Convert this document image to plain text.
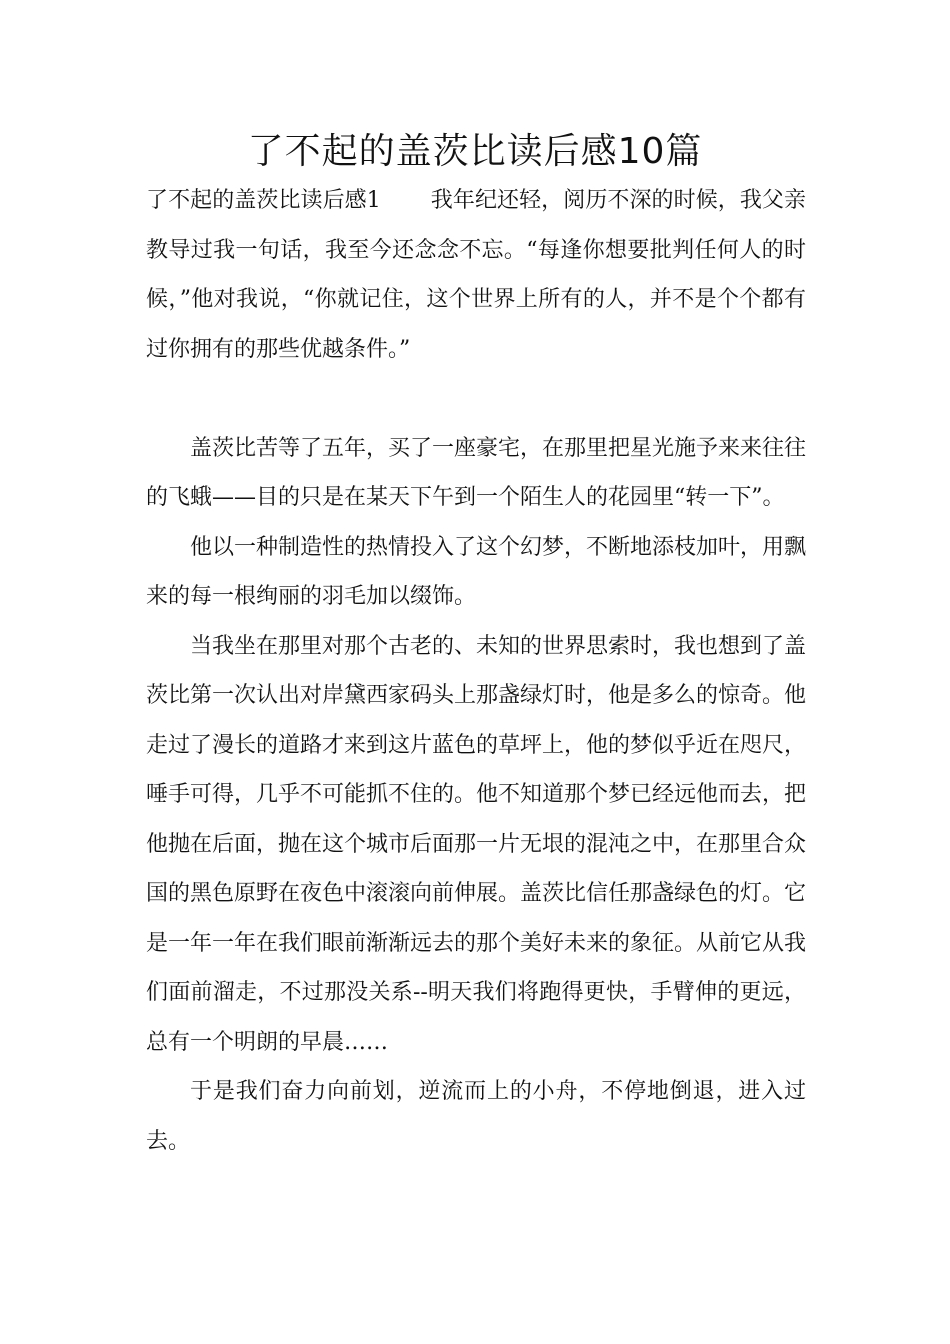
了不起的盖茨比读后感10篇

了不起的盖茨比读后感1 我年纪还轻，阅历不深的时候，我父亲教导过我一句话，我至今还念念不忘。“每逢你想要批判任何人的时候，”他对我说，“你就记住，这个世界上所有的人，并不是个个都有过你拥有的那些优越条件。”

盖茨比苦等了五年，买了一座豪宅，在那里把星光施予来来往往的飞蛾——目的只是在某天下午到一个陌生人的花园里“转一下”。

他以一种制造性的热情投入了这个幻梦，不断地添枝加叶，用飘来的每一根绚丽的羽毛加以缀饰。

当我坐在那里对那个古老的、未知的世界思索时，我也想到了盖茨比第一次认出对岸黛西家码头上那盏绿灯时，他是多么的惊奇。他走过了漫长的道路才来到这片蓝色的草坪上，他的梦似乎近在咫尺，唾手可得，几乎不可能抓不住的。他不知道那个梦已经远他而去，把他抛在后面，抛在这个城市后面那一片无垠的混沌之中，在那里合众国的黑色原野在夜色中滚滚向前伸展。盖茨比信任那盏绿色的灯。它是一年一年在我们眼前渐渐远去的那个美好未来的象征。从前它从我们面前溜走，不过那没关系--明天我们将跑得更快，手臂伸的更远，总有一个明朗的早晨……

于是我们奋力向前划，逆流而上的小舟，不停地倒退，进入过去。
